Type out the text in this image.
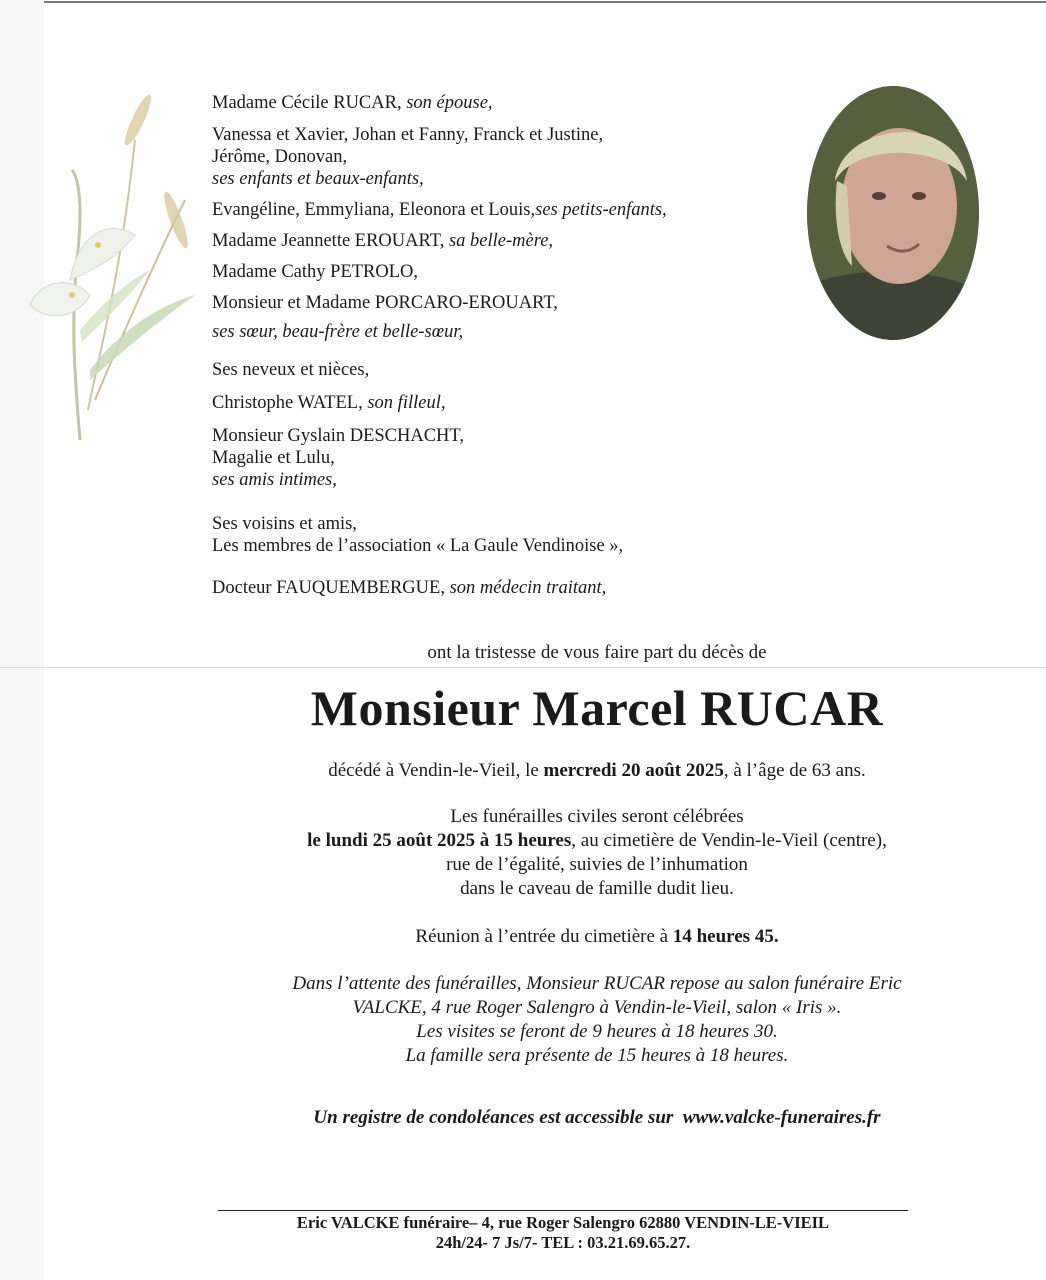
Madame Cécile RUCAR, son épouse,

Vanessa et Xavier, Johan et Fanny, Franck et Justine,

Jérôme, Donovan,

ses enfants et beaux-enfants,

Evangéline, Emmyliana, Eleonora et Louis,ses petits-enfants,

Madame Jeannette EROUART, sa belle-mère,

Madame Cathy PETROLO,

Monsieur et Madame PORCARO-EROUART,

ses sœur, beau-frère et belle-sœur,

Ses neveux et nièces,

Christophe WATEL, son filleul,

Monsieur Gyslain DESCHACHT,

Magalie et Lulu,

ses amis intimes,

Ses voisins et amis,

Les membres de l’association « La Gaule Vendinoise »,

Docteur FAUQUEMBERGUE, son médecin traitant,

ont la tristesse de vous faire part du décès de

Monsieur Marcel RUCAR

décédé à Vendin-le-Vieil, le mercredi 20 août 2025, à l’âge de 63 ans.

Les funérailles civiles seront célébrées

le lundi 25 août 2025 à 15 heures, au cimetière de Vendin-le-Vieil (centre),

rue de l’égalité, suivies de l’inhumation

dans le caveau de famille dudit lieu.

Réunion à l’entrée du cimetière à 14 heures 45.

Dans l’attente des funérailles, Monsieur RUCAR repose au salon funéraire Eric

VALCKE, 4 rue Roger Salengro à Vendin-le-Vieil, salon « Iris ».

Les visites se feront de 9 heures à 18 heures 30.

La famille sera présente de 15 heures à 18 heures.

Un registre de condoléances est accessible sur www.valcke-funeraires.fr

Eric VALCKE funéraire– 4, rue Roger Salengro 62880 VENDIN-LE-VIEIL

24h/24- 7 Js/7- TEL : 03.21.69.65.27.
